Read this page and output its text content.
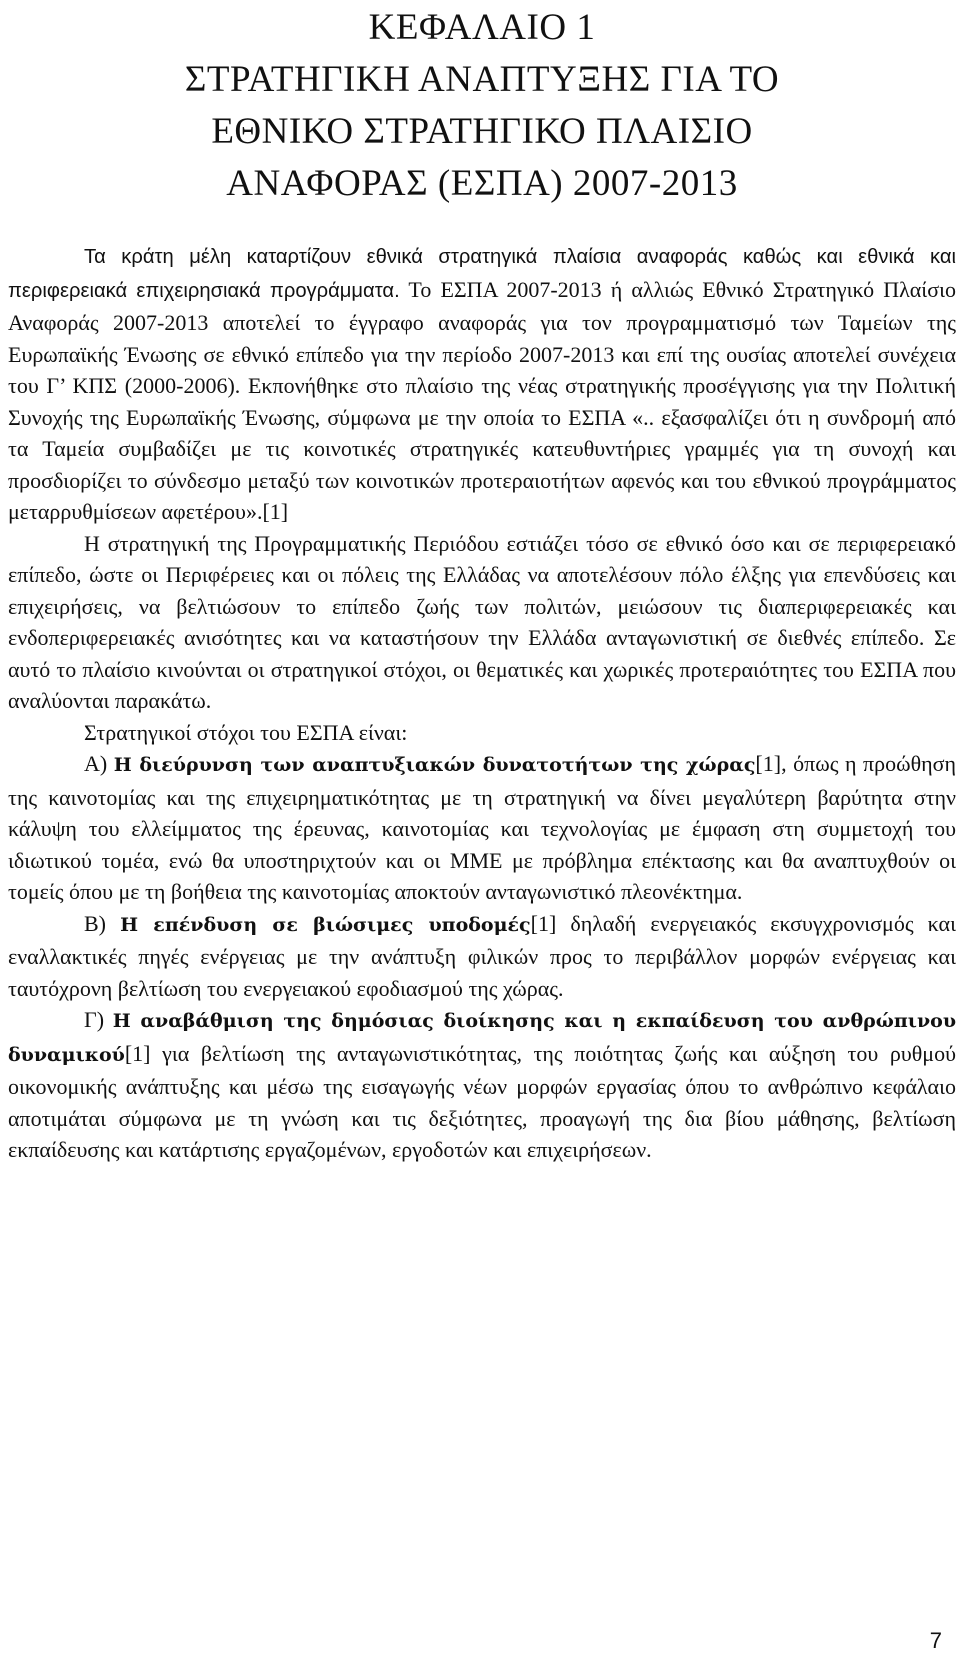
ΚΕΦΑΛΑΙΟ 1
ΣΤΡΑΤΗΓΙΚΗ ΑΝΑΠΤΥΞΗΣ ΓΙΑ ΤΟ
ΕΘΝΙΚΟ ΣΤΡΑΤΗΓΙΚΟ ΠΛΑΙΣΙΟ
ΑΝΑΦΟΡΑΣ (ΕΣΠΑ) 2007-2013

Τα κράτη μέλη καταρτίζουν εθνικά στρατηγικά πλαίσια αναφοράς καθώς και εθνικά και περιφερειακά επιχειρησιακά προγράμματα. Το ΕΣΠΑ 2007-2013 ή αλλιώς Εθνικό Στρατηγικό Πλαίσιο Αναφοράς 2007-2013 αποτελεί το έγγραφο αναφοράς για τον προγραμματισμό των Ταμείων της Ευρωπαϊκής Ένωσης σε εθνικό επίπεδο για την περίοδο 2007-2013 και επί της ουσίας αποτελεί συνέχεια του Γ’ ΚΠΣ (2000-2006). Εκπονήθηκε στο πλαίσιο της νέας στρατηγικής προσέγγισης για την Πολιτική Συνοχής της Ευρωπαϊκής Ένωσης, σύμφωνα με την οποία το ΕΣΠΑ «.. εξασφαλίζει ότι η συνδρομή από τα Ταμεία συμβαδίζει με τις κοινοτικές στρατηγικές κατευθυντήριες γραμμές για τη συνοχή και προσδιορίζει το σύνδεσμο μεταξύ των κοινοτικών προτεραιοτήτων αφενός και του εθνικού προγράμματος μεταρρυθμίσεων αφετέρου».[1]

Η στρατηγική της Προγραμματικής Περιόδου εστιάζει τόσο σε εθνικό όσο και σε περιφερειακό επίπεδο, ώστε οι Περιφέρειες και οι πόλεις της Ελλάδας να αποτελέσουν πόλο έλξης για επενδύσεις και επιχειρήσεις, να βελτιώσουν το επίπεδο ζωής των πολιτών, μειώσουν τις διαπεριφερειακές και ενδοπεριφερειακές ανισότητες και να καταστήσουν την Ελλάδα ανταγωνιστική σε διεθνές επίπεδο. Σε αυτό το πλαίσιο κινούνται οι στρατηγικοί στόχοι, οι θεματικές και χωρικές προτεραιότητες του ΕΣΠΑ που αναλύονται παρακάτω.

Στρατηγικοί στόχοι του ΕΣΠΑ είναι:

Α) Η διεύρυνση των αναπτυξιακών δυνατοτήτων της χώρας[1], όπως η προώθηση της καινοτομίας και της επιχειρηματικότητας με τη στρατηγική να δίνει μεγαλύτερη βαρύτητα στην κάλυψη του ελλείμματος της έρευνας, καινοτομίας και τεχνολογίας με έμφαση στη συμμετοχή του ιδιωτικού τομέα, ενώ θα υποστηριχτούν και οι ΜΜΕ με πρόβλημα επέκτασης και θα αναπτυχθούν οι τομείς όπου με τη βοήθεια της καινοτομίας αποκτούν ανταγωνιστικό πλεονέκτημα.

Β) Η επένδυση σε βιώσιμες υποδομές[1] δηλαδή ενεργειακός εκσυγχρονισμός και εναλλακτικές πηγές ενέργειας με την ανάπτυξη φιλικών προς το περιβάλλον μορφών ενέργειας και ταυτόχρονη βελτίωση του ενεργειακού εφοδιασμού της χώρας.

Γ) Η αναβάθμιση της δημόσιας διοίκησης και η εκπαίδευση του ανθρώπινου δυναμικού[1] για βελτίωση της ανταγωνιστικότητας, της ποιότητας ζωής και αύξηση του ρυθμού οικονομικής ανάπτυξης και μέσω της εισαγωγής νέων μορφών εργασίας όπου το ανθρώπινο κεφάλαιο αποτιμάται σύμφωνα με τη γνώση και τις δεξιότητες, προαγωγή της δια βίου μάθησης, βελτίωση εκπαίδευσης και κατάρτισης εργαζομένων, εργοδοτών και επιχειρήσεων.

7
